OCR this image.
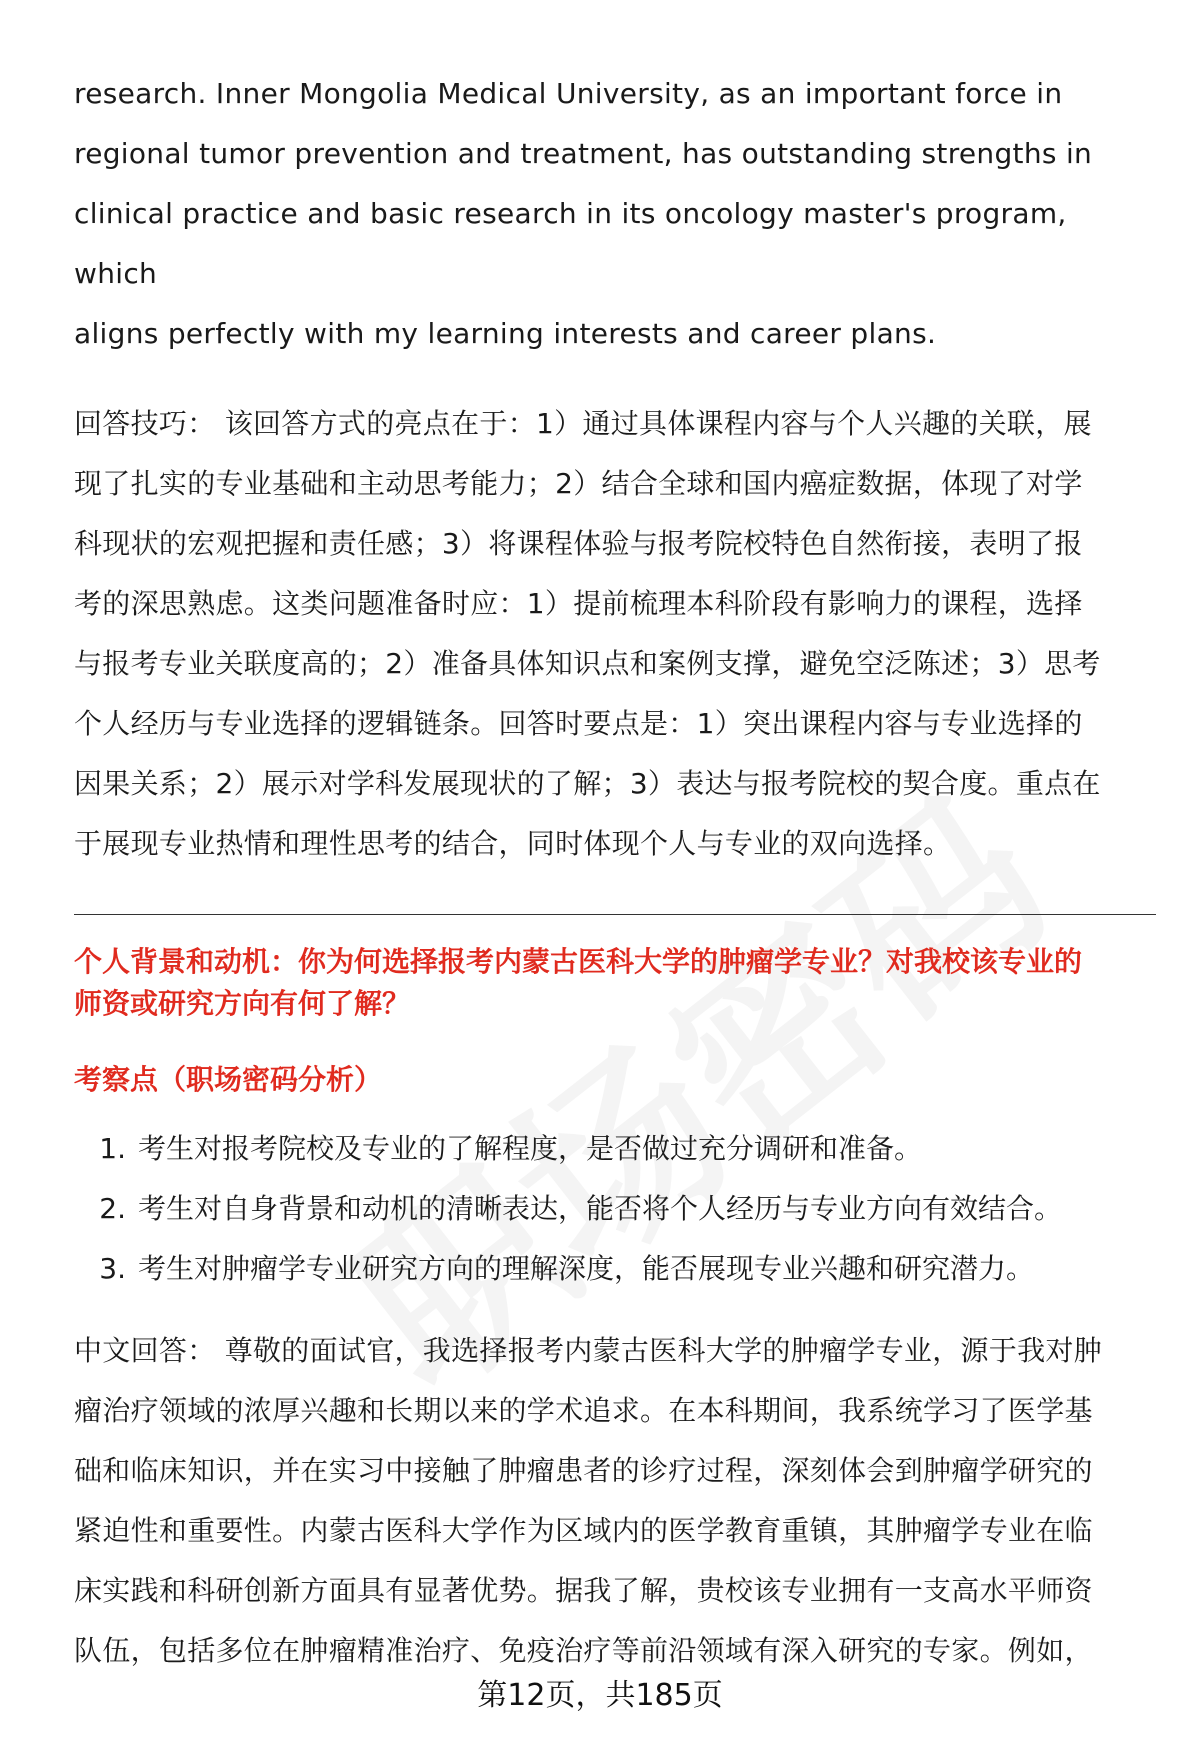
research. Inner Mongolia Medical University, as an important force in

regional tumor prevention and treatment, has outstanding strengths in

clinical practice and basic research in its oncology master's program, which

aligns perfectly with my learning interests and career plans.

回答技巧： 该回答方式的亮点在于：1）通过具体课程内容与个人兴趣的关联，展

现了扎实的专业基础和主动思考能力；2）结合全球和国内癌症数据，体现了对学

科现状的宏观把握和责任感；3）将课程体验与报考院校特色自然衔接，表明了报

考的深思熟虑。这类问题准备时应：1）提前梳理本科阶段有影响力的课程，选择

与报考专业关联度高的；2）准备具体知识点和案例支撑，避免空泛陈述；3）思考

个人经历与专业选择的逻辑链条。回答时要点是：1）突出课程内容与专业选择的

因果关系；2）展示对学科发展现状的了解；3）表达与报考院校的契合度。重点在

于展现专业热情和理性思考的结合，同时体现个人与专业的双向选择。

个人背景和动机：你为何选择报考内蒙古医科大学的肿瘤学专业？对我校该专业的

师资或研究方向有何了解？

考察点（职场密码分析）

1. 考生对报考院校及专业的了解程度，是否做过充分调研和准备。
2. 考生对自身背景和动机的清晰表达，能否将个人经历与专业方向有效结合。
3. 考生对肿瘤学专业研究方向的理解深度，能否展现专业兴趣和研究潜力。

中文回答： 尊敬的面试官，我选择报考内蒙古医科大学的肿瘤学专业，源于我对肿

瘤治疗领域的浓厚兴趣和长期以来的学术追求。在本科期间，我系统学习了医学基

础和临床知识，并在实习中接触了肿瘤患者的诊疗过程，深刻体会到肿瘤学研究的

紧迫性和重要性。内蒙古医科大学作为区域内的医学教育重镇，其肿瘤学专业在临

床实践和科研创新方面具有显著优势。据我了解，贵校该专业拥有一支高水平师资

队伍，包括多位在肿瘤精准治疗、免疫治疗等前沿领域有深入研究的专家。例如，

第12页，共185页
